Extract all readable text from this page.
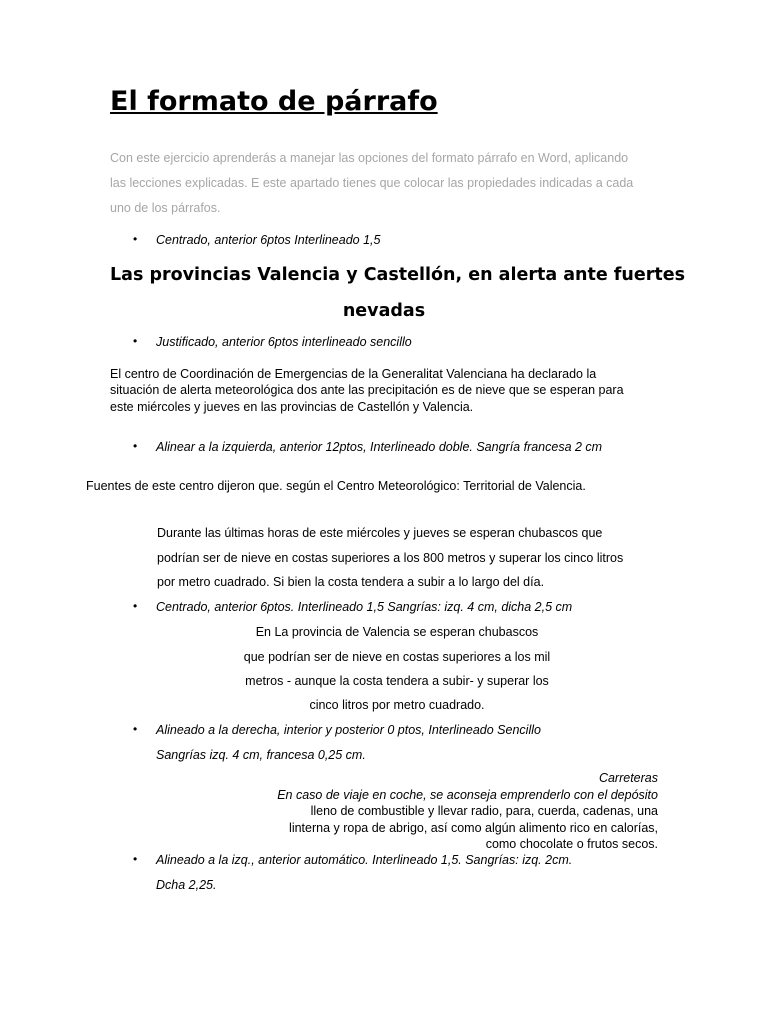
El formato de párrafo
Con este ejercicio aprenderás a manejar las opciones del formato párrafo en Word, aplicando
las lecciones explicadas. E este apartado tienes que colocar las propiedades indicadas a cada
uno de los párrafos.
• Centrado, anterior 6ptos Interlineado 1,5
Las provincias Valencia y Castellón, en alerta ante fuertes
nevadas
• Justificado, anterior 6ptos interlineado sencillo
El centro de Coordinación de Emergencias de la Generalitat Valenciana ha declarado la
situación de alerta meteorológica dos ante las precipitación es de nieve que se esperan para
este miércoles y jueves en las provincias de Castellón y Valencia.
• Alinear a la izquierda, anterior 12ptos, Interlineado doble. Sangría francesa 2 cm
Fuentes de este centro dijeron que. según el Centro Meteorológico: Territorial de Valencia.
Durante las últimas horas de este miércoles y jueves se esperan chubascos que
podrían ser de nieve en costas superiores a los 800 metros y superar los cinco litros
por metro cuadrado. Si bien la costa tendera a subir a lo largo del día.
• Centrado, anterior 6ptos. Interlineado 1,5 Sangrías: izq. 4 cm, dicha 2,5 cm
En La provincia de Valencia se esperan chubascos
que podrían ser de nieve en costas superiores a los mil
metros - aunque la costa tendera a subir- y superar los
cinco litros por metro cuadrado.
• Alineado a la derecha, interior y posterior 0 ptos, Interlineado Sencillo
Sangrías izq. 4 cm, francesa 0,25 cm.
Carreteras
En caso de viaje en coche, se aconseja emprenderlo con el depósito
lleno de combustible y llevar radio, para, cuerda, cadenas, una
linterna y ropa de abrigo, así como algún alimento rico en calorías,
como chocolate o frutos secos.
• Alineado a la izq., anterior automático. Interlineado 1,5. Sangrías: izq. 2cm.
Dcha 2,25.
